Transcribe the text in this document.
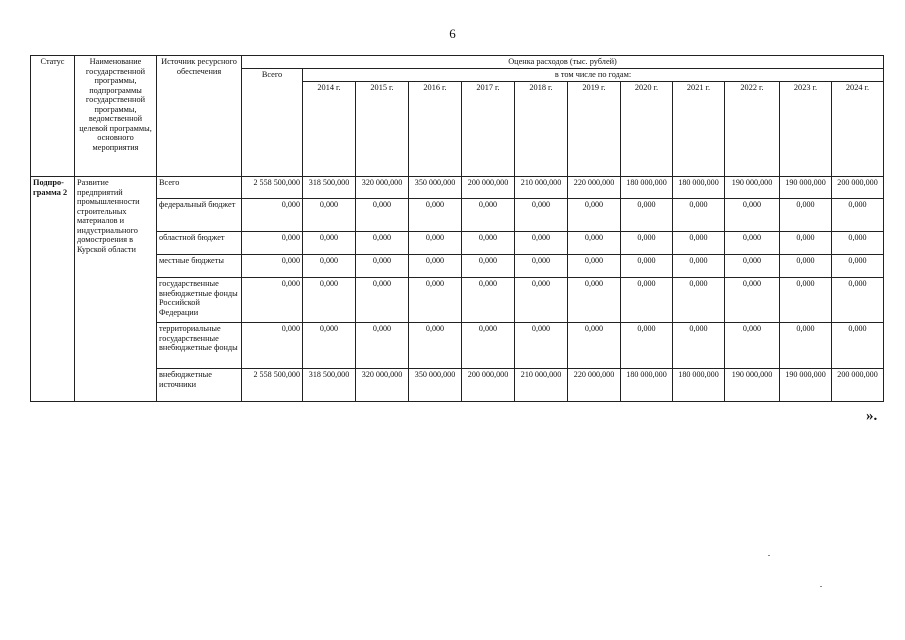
6
Статус	Наименование государственной программы, подпрограммы государственной программы, ведомственной целевой программы, основного мероприятия	Источник ресурсного обеспечения	Оценка расходов (тыс. рублей)											
			Всего	в том числе по годам:										
				2014 г.	2015 г.	2016 г.	2017 г.	2018 г.	2019 г.	2020 г.	2021 г.	2022 г.	2023 г.	2024 г.
Подпро-грамма 2	Развитие предприятий промышленности строительных материалов и индустриального домостроения в Курской области	Всего	2 558 500,000	318 500,000	320 000,000	350 000,000	200 000,000	210 000,000	220 000,000	180 000,000	180 000,000	190 000,000	190 000,000	200 000,000
		федеральный бюджет	0,000	0,000	0,000	0,000	0,000	0,000	0,000	0,000	0,000	0,000	0,000	0,000
		областной бюджет	0,000	0,000	0,000	0,000	0,000	0,000	0,000	0,000	0,000	0,000	0,000	0,000
		местные бюджеты	0,000	0,000	0,000	0,000	0,000	0,000	0,000	0,000	0,000	0,000	0,000	0,000
		государственные внебюджетные фонды Российской Федерации	0,000	0,000	0,000	0,000	0,000	0,000	0,000	0,000	0,000	0,000	0,000	0,000
		территориальные государственные внебюджетные фонды	0,000	0,000	0,000	0,000	0,000	0,000	0,000	0,000	0,000	0,000	0,000	0,000
		внебюджетные источники	2 558 500,000	318 500,000	320 000,000	350 000,000	200 000,000	210 000,000	220 000,000	180 000,000	180 000,000	190 000,000	190 000,000	200 000,000
».
